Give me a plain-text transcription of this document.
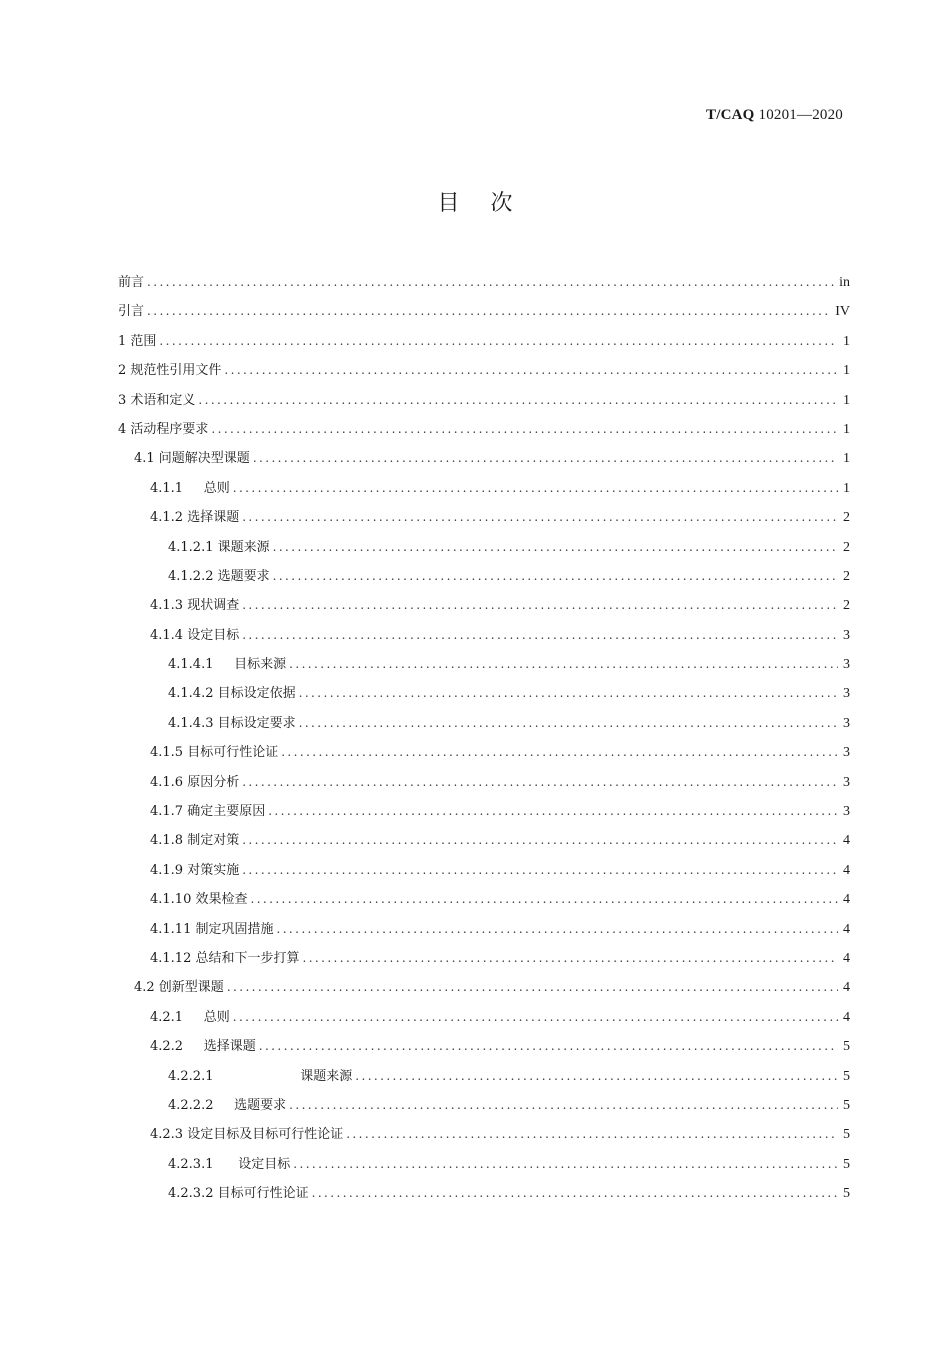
T/CAQ 10201—2020
目 次
前言 .....	in
引言 .....	IV
1 范围 .....	1
2 规范性引用文件 .....	1
3 术语和定义 .....	1
4 活动程序要求 .....	1
4.1 问题解决型课题 .....	1
4.1.1     总则 .....	1
4.1.2 选择课题 .....	2
4.1.2.1 课题来源 .....	2
4.1.2.2 选题要求 .....	2
4.1.3 现状调查 .....	2
4.1.4 设定目标 .....	3
4.1.4.1     目标来源 .....	3
4.1.4.2 目标设定依据 .....	3
4.1.4.3 目标设定要求 .....	3
4.1.5 目标可行性论证 .....	3
4.1.6 原因分析 .....	3
4.1.7 确定主要原因 .....	3
4.1.8 制定对策 .....	4
4.1.9 对策实施 .....	4
4.1.10 效果检查 .....	4
4.1.11 制定巩固措施 .....	4
4.1.12 总结和下一步打算 .....	4
4.2 创新型课题 .....	4
4.2.1     总则 .....	4
4.2.2     选择课题 .....	5
4.2.2.1                     课题来源 .....	5
4.2.2.2     选题要求 .....	5
4.2.3 设定目标及目标可行性论证 .....	5
4.2.3.1      设定目标 .....	5
4.2.3.2 目标可行性论证 .....	5
